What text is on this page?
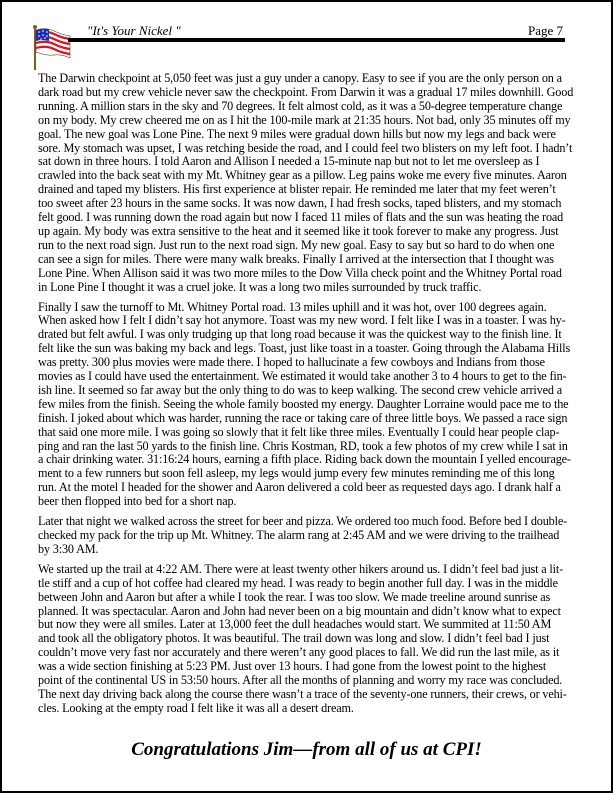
"It's Your Nickel "	Page 7
The Darwin checkpoint at 5,050 feet was just a guy under a canopy. Easy to see if you are the only person on a
dark road but my crew vehicle never saw the checkpoint. From Darwin it was a gradual 17 miles downhill. Good
running. A million stars in the sky and 70 degrees. It felt almost cold, as it was a 50-degree temperature change
on my body. My crew cheered me on as I hit the 100-mile mark at 21:35 hours. Not bad, only 35 minutes off my
goal. The new goal was Lone Pine. The next 9 miles were gradual down hills but now my legs and back were
sore. My stomach was upset, I was retching beside the road, and I could feel two blisters on my left foot. I hadn’t
sat down in three hours. I told Aaron and Allison I needed a 15-minute nap but not to let me oversleep as I
crawled into the back seat with my Mt. Whitney gear as a pillow. Leg pains woke me every five minutes. Aaron
drained and taped my blisters. His first experience at blister repair. He reminded me later that my feet weren’t
too sweet after 23 hours in the same socks. It was now dawn, I had fresh socks, taped blisters, and my stomach
felt good. I was running down the road again but now I faced 11 miles of flats and the sun was heating the road
up again. My body was extra sensitive to the heat and it seemed like it took forever to make any progress. Just
run to the next road sign. Just run to the next road sign. My new goal. Easy to say but so hard to do when one
can see a sign for miles. There were many walk breaks. Finally I arrived at the intersection that I thought was
Lone Pine. When Allison said it was two more miles to the Dow Villa check point and the Whitney Portal road
in Lone Pine I thought it was a cruel joke. It was a long two miles surrounded by truck traffic.
Finally I saw the turnoff to Mt. Whitney Portal road. 13 miles uphill and it was hot, over 100 degrees again.
When asked how I felt I didn’t say hot anymore. Toast was my new word. I felt like I was in a toaster. I was hy-
drated but felt awful. I was only trudging up that long road because it was the quickest way to the finish line. It
felt like the sun was baking my back and legs. Toast, just like toast in a toaster. Going through the Alabama Hills
was pretty. 300 plus movies were made there. I hoped to hallucinate a few cowboys and Indians from those
movies as I could have used the entertainment. We estimated it would take another 3 to 4 hours to get to the fin-
ish line. It seemed so far away but the only thing to do was to keep walking. The second crew vehicle arrived a
few miles from the finish. Seeing the whole family boosted my energy. Daughter Lorraine would pace me to the
finish. I joked about which was harder, running the race or taking care of three little boys. We passed a race sign
that said one more mile. I was going so slowly that it felt like three miles. Eventually I could hear people clap-
ping and ran the last 50 yards to the finish line. Chris Kostman, RD, took a few photos of my crew while I sat in
a chair drinking water. 31:16:24 hours, earning a fifth place. Riding back down the mountain I yelled encourage-
ment to a few runners but soon fell asleep, my legs would jump every few minutes reminding me of this long
run. At the motel I headed for the shower and Aaron delivered a cold beer as requested days ago. I drank half a
beer then flopped into bed for a short nap.
Later that night we walked across the street for beer and pizza. We ordered too much food. Before bed I double-
checked my pack for the trip up Mt. Whitney. The alarm rang at 2:45 AM and we were driving to the trailhead
by 3:30 AM.
We started up the trail at 4:22 AM. There were at least twenty other hikers around us. I didn’t feel bad just a lit-
tle stiff and a cup of hot coffee had cleared my head. I was ready to begin another full day. I was in the middle
between John and Aaron but after a while I took the rear. I was too slow. We made treeline around sunrise as
planned. It was spectacular. Aaron and John had never been on a big mountain and didn’t know what to expect
but now they were all smiles. Later at 13,000 feet the dull headaches would start. We summited at 11:50 AM
and took all the obligatory photos. It was beautiful. The trail down was long and slow. I didn’t feel bad I just
couldn’t move very fast nor accurately and there weren’t any good places to fall. We did run the last mile, as it
was a wide section finishing at 5:23 PM. Just over 13 hours. I had gone from the lowest point to the highest
point of the continental US in 53:50 hours. After all the months of planning and worry my race was concluded.
The next day driving back along the course there wasn’t a trace of the seventy-one runners, their crews, or vehi-
cles. Looking at the empty road I felt like it was all a desert dream.
Congratulations Jim—from all of us at CPI!
